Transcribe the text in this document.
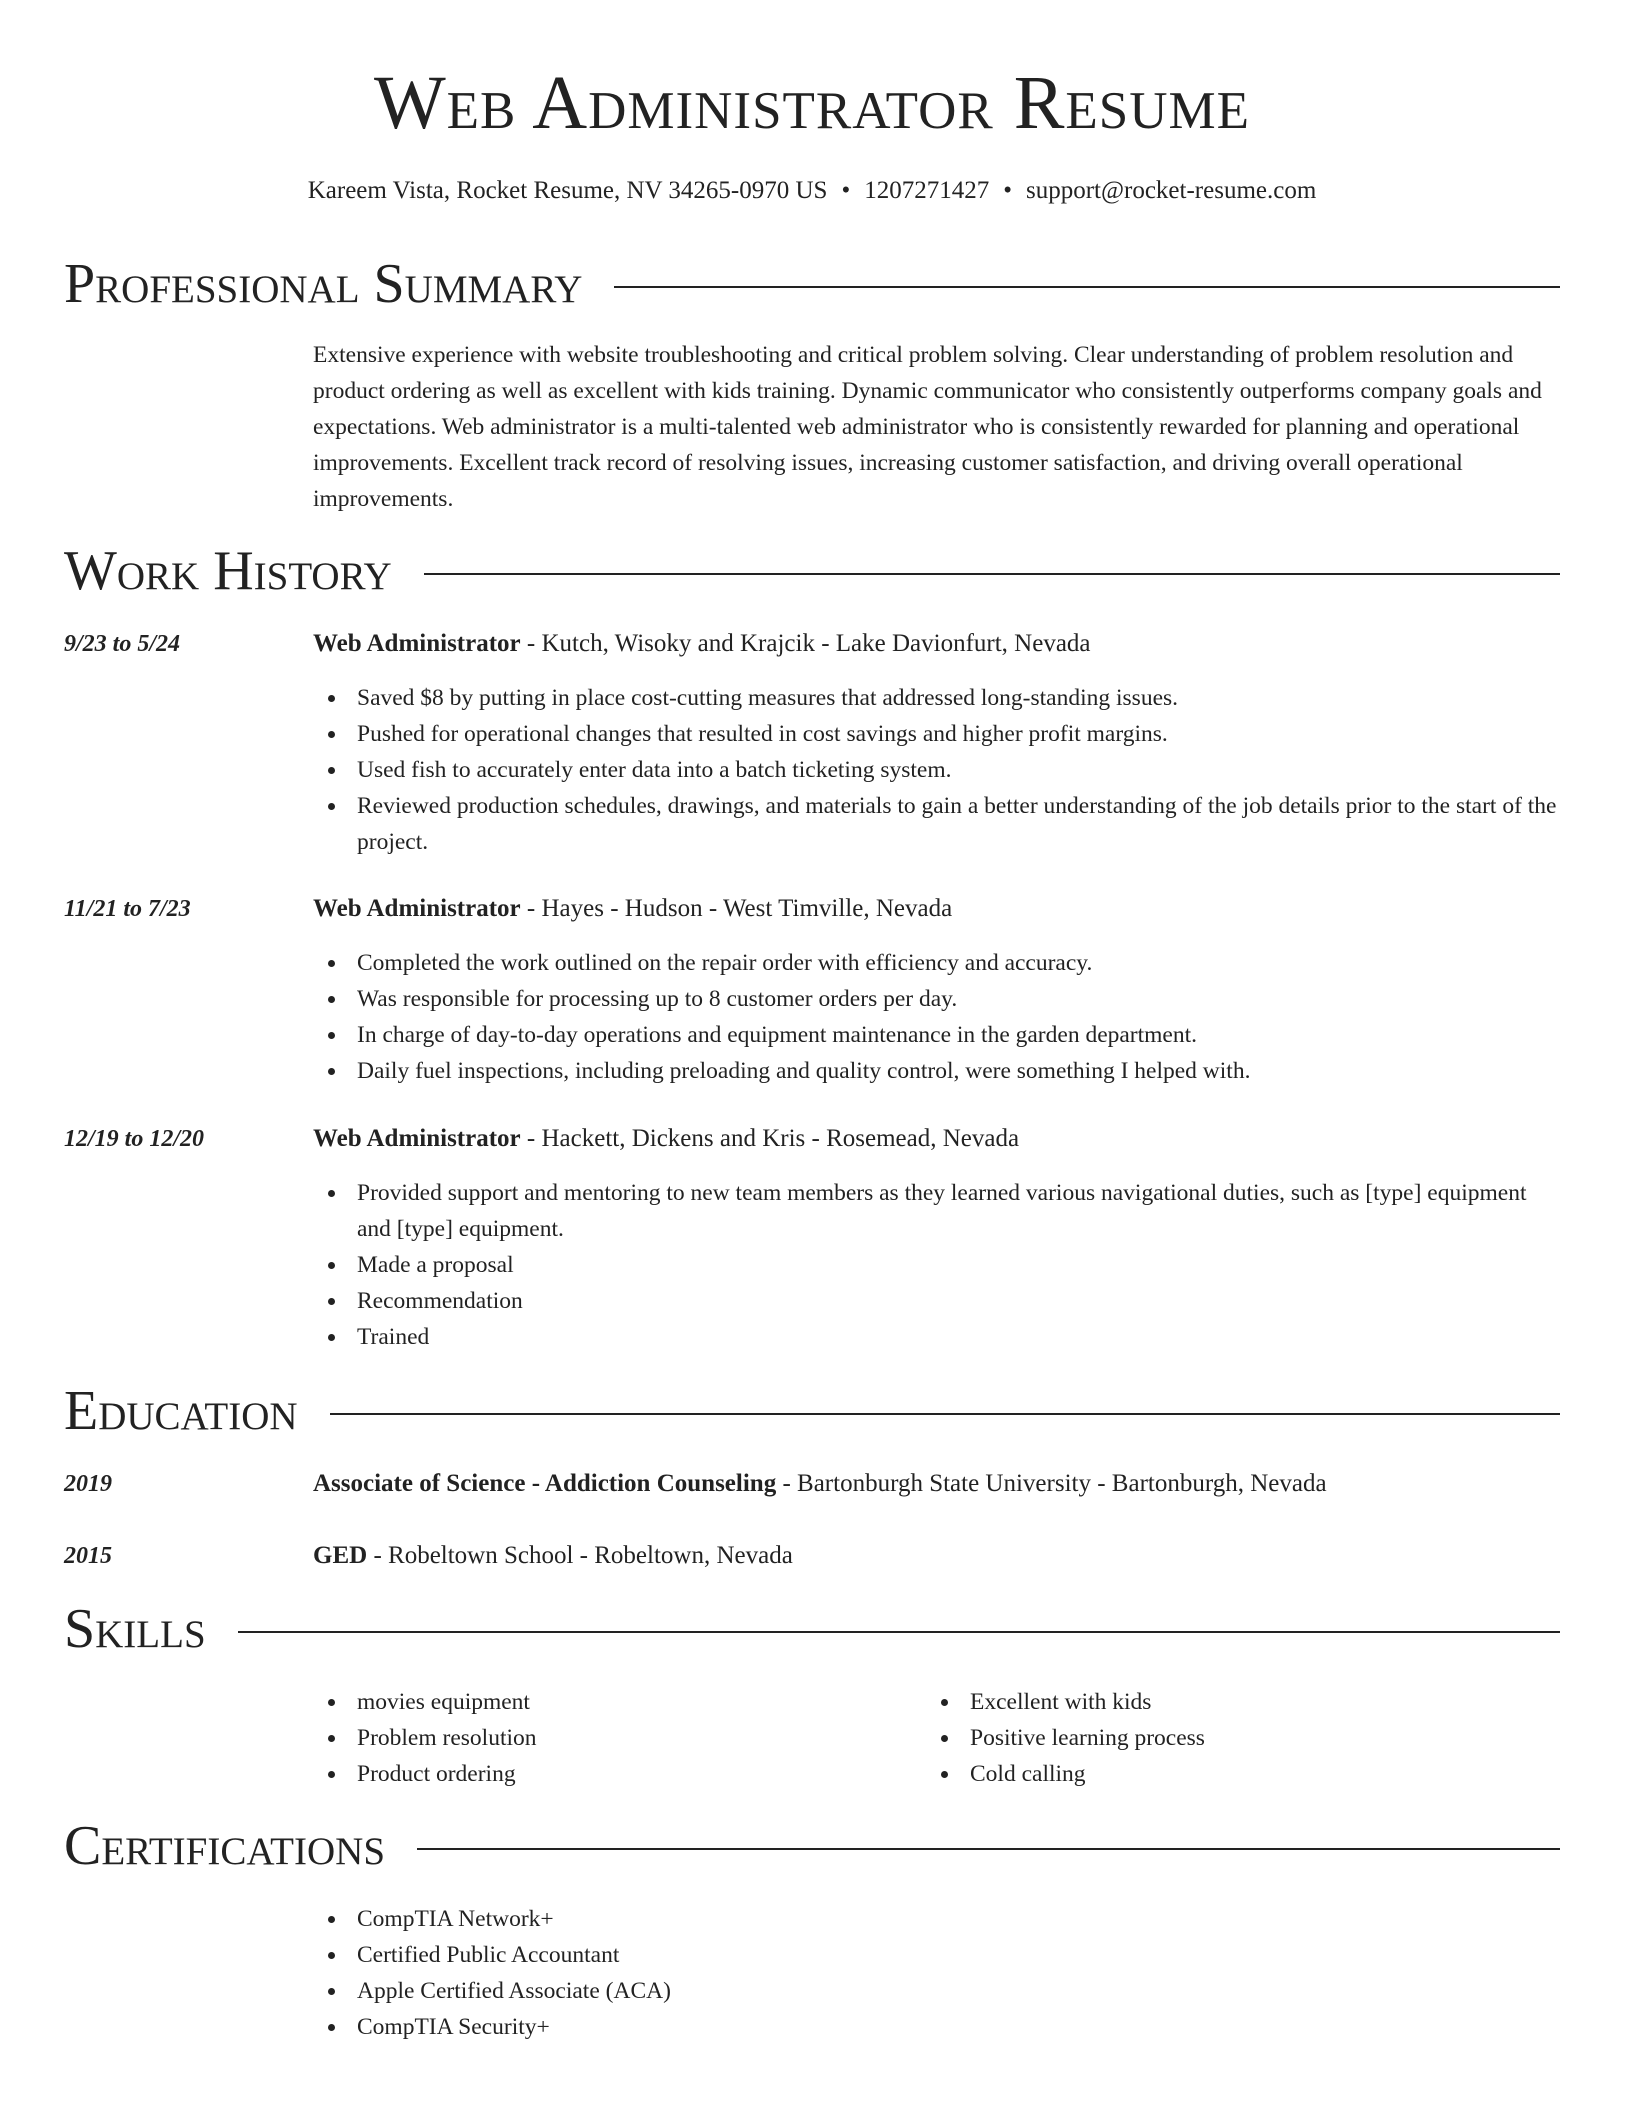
Web Administrator Resume
Kareem Vista, Rocket Resume, NV 34265-0970 US • 1207271427 • support@rocket-resume.com
Professional Summary

Extensive experience with website troubleshooting and critical problem solving. Clear understanding of problem resolution and product ordering as well as excellent with kids training. Dynamic communicator who consistently outperforms company goals and expectations. Web administrator is a multi-talented web administrator who is consistently rewarded for planning and operational improvements. Excellent track record of resolving issues, increasing customer satisfaction, and driving overall operational improvements.

Work History
9/23 to 5/24	Web Administrator - Kutch, Wisoky and Krajcik - Lake Davionfurt, Nevada
Saved $8 by putting in place cost-cutting measures that addressed long-standing issues.
Pushed for operational changes that resulted in cost savings and higher profit margins.
Used fish to accurately enter data into a batch ticketing system.
Reviewed production schedules, drawings, and materials to gain a better understanding of the job details prior to the start of the project.
11/21 to 7/23	Web Administrator - Hayes - Hudson - West Timville, Nevada
Completed the work outlined on the repair order with efficiency and accuracy.
Was responsible for processing up to 8 customer orders per day.
In charge of day-to-day operations and equipment maintenance in the garden department.
Daily fuel inspections, including preloading and quality control, were something I helped with.
12/19 to 12/20	Web Administrator - Hackett, Dickens and Kris - Rosemead, Nevada
Provided support and mentoring to new team members as they learned various navigational duties, such as [type] equipment and [type] equipment.
Made a proposal
Recommendation
Trained
Education
2019	Associate of Science - Addiction Counseling - Bartonburgh State University - Bartonburgh, Nevada
2015	GED - Robeltown School - Robeltown, Nevada
Skills
movies equipment
Problem resolution
Product ordering
Excellent with kids
Positive learning process
Cold calling
Certifications
CompTIA Network+
Certified Public Accountant
Apple Certified Associate (ACA)
CompTIA Security+
